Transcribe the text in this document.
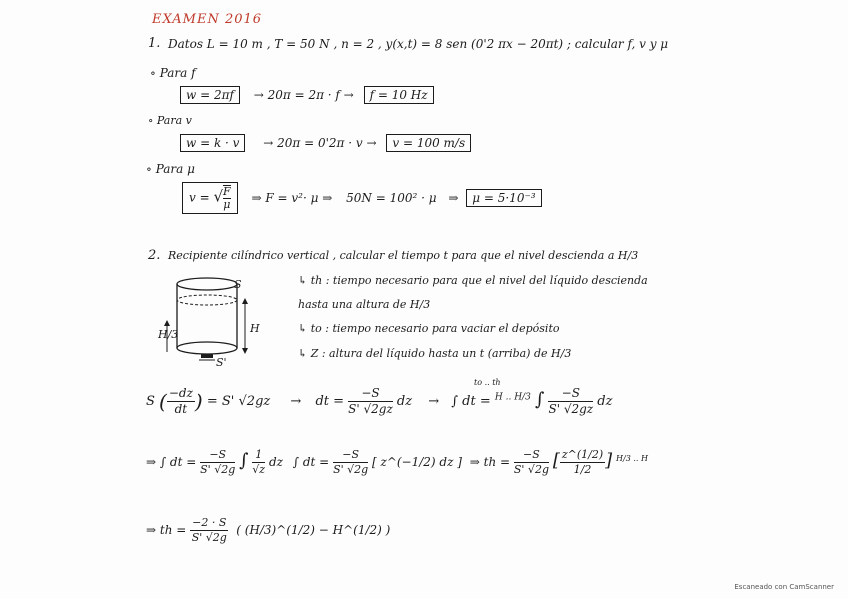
EXAMEN 2016
1. Datos L = 10 m , T = 50 N , n = 2 , y(x,t) = 8 sen (0'2 πx − 20πt) ; calcular f, v y μ
∘ Para f
w = 2πf → 20π = 2π · f → f = 10 Hz
∘ Para v
w = k · v → 20π = 0'2π · v → v = 100 m/s
∘ Para μ
v = √ $\frac{F}{\mu}$ ⇒ F = v²· μ ⇒ 50N = 100² · μ ⇒ μ = 5·10⁻³
2. Recipiente cilíndrico vertical , calcular el tiempo t para que el nivel descienda a H/3
S
H/3	H
S'
↳ th : tiempo necesario para que el nivel del líquido descienda
hasta una altura de H/3
↳ to : tiempo necesario para vaciar el depósito
↳ Z : altura del líquido hasta un t (arriba) de H/3
S ( $\frac{-dz}{dt}$ ) = S' √2gz → dt = $\frac{-S}{S' √2gz}$ dz → ∫ dt = $^{H .. H/3}$ ∫ $\frac{-S}{S' √2gz}$ dz
to .. th
⇒ ∫ dt = $\frac{-S}{S' √2g}$ ∫ $\frac{1}{√z}$ dz ∫ dt = $\frac{-S}{S' √2g}$ [ z^(−1/2) dz ] ⇒ th = $\frac{-S}{S' √2g}$ [ $\frac{z\^{}(1/2)}{1/2}$ ] $^{H/3 .. H}$
⇒ th = $\frac{-2 \cdot S}{S' √2g}$ ( (H/3)^(1/2) − H^(1/2) )
Escaneado con CamScanner
